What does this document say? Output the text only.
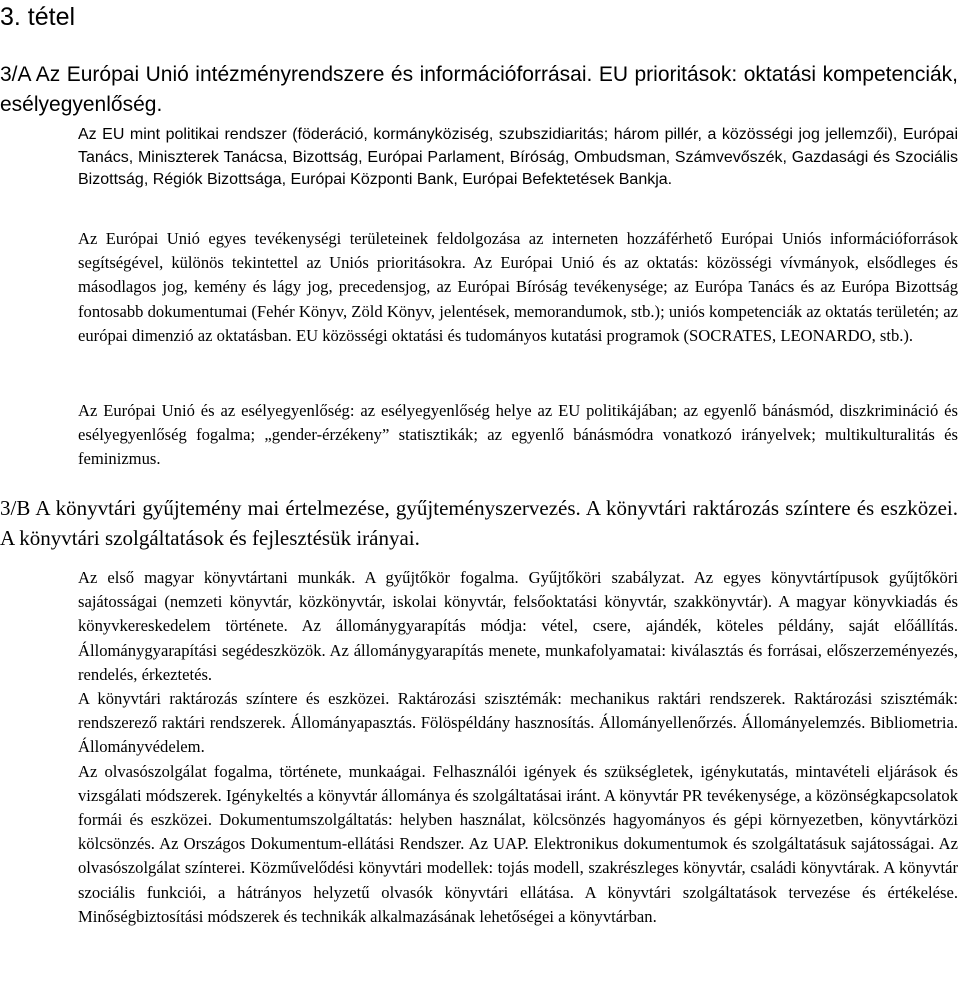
3. tétel
3/A Az Európai Unió intézményrendszere és információforrásai. EU prioritások: oktatási kompetenciák, esélyegyenlőség.

Az EU mint politikai rendszer (föderáció, kormányköziség, szubszidiaritás; három pillér, a közösségi jog jellemzői), Európai Tanács, Miniszterek Tanácsa, Bizottság, Európai Parlament, Bíróság, Ombudsman, Számvevőszék, Gazdasági és Szociális Bizottság, Régiók Bizottsága, Európai Központi Bank, Európai Befektetések Bankja.

Az Európai Unió egyes tevékenységi területeinek feldolgozása az interneten hozzáférhető Európai Uniós információforrások segítségével, különös tekintettel az Uniós prioritásokra. Az Európai Unió és az oktatás: közösségi vívmányok, elsődleges és másodlagos jog, kemény és lágy jog, precedensjog, az Európai Bíróság tevékenysége; az Európa Tanács és az Európa Bizottság fontosabb dokumentumai (Fehér Könyv, Zöld Könyv, jelentések, memorandumok, stb.); uniós kompetenciák az oktatás területén; az európai dimenzió az oktatásban. EU közösségi oktatási és tudományos kutatási programok (SOCRATES, LEONARDO, stb.).

Az Európai Unió és az esélyegyenlőség: az esélyegyenlőség helye az EU politikájában; az egyenlő bánásmód, diszkrimináció és esélyegyenlőség fogalma; „gender-érzékeny” statisztikák; az egyenlő bánásmódra vonatkozó irányelvek; multikulturalitás és feminizmus.

3/B A könyvtári gyűjtemény mai értelmezése, gyűjteményszervezés. A könyvtári raktározás színtere és eszközei. A könyvtári szolgáltatások és fejlesztésük irányai.

Az első magyar könyvtártani munkák. A gyűjtőkör fogalma. Gyűjtőköri szabályzat. Az egyes könyvtártípusok gyűjtőköri sajátosságai (nemzeti könyvtár, közkönyvtár, iskolai könyvtár, felsőoktatási könyvtár, szakkönyvtár). A magyar könyvkiadás és könyvkereskedelem története. Az állománygyarapítás módja: vétel, csere, ajándék, köteles példány, saját előállítás. Állománygyarapítási segédeszközök. Az állománygyarapítás menete, munkafolyamatai: kiválasztás és forrásai, előszerzeményezés, rendelés, érkeztetés.

A könyvtári raktározás színtere és eszközei. Raktározási szisztémák: mechanikus raktári rendszerek. Raktározási szisztémák: rendszerező raktári rendszerek. Állományapasztás. Fölöspéldány hasznosítás. Állományellenőrzés. Állományelemzés. Bibliometria. Állományvédelem.

Az olvasószolgálat fogalma, története, munkaágai. Felhasználói igények és szükségletek, igénykutatás, mintavételi eljárások és vizsgálati módszerek. Igénykeltés a könyvtár állománya és szolgáltatásai iránt. A könyvtár PR tevékenysége, a közönségkapcsolatok formái és eszközei. Dokumentumszolgáltatás: helyben használat, kölcsönzés hagyományos és gépi környezetben, könyvtárközi kölcsönzés. Az Országos Dokumentum-ellátási Rendszer. Az UAP. Elektronikus dokumentumok és szolgáltatásuk sajátosságai. Az olvasószolgálat színterei. Közművelődési könyvtári modellek: tojás modell, szakrészleges könyvtár, családi könyvtárak. A könyvtár szociális funkciói, a hátrányos helyzetű olvasók könyvtári ellátása. A könyvtári szolgáltatások tervezése és értékelése. Minőségbiztosítási módszerek és technikák alkalmazásának lehetőségei a könyvtárban.
